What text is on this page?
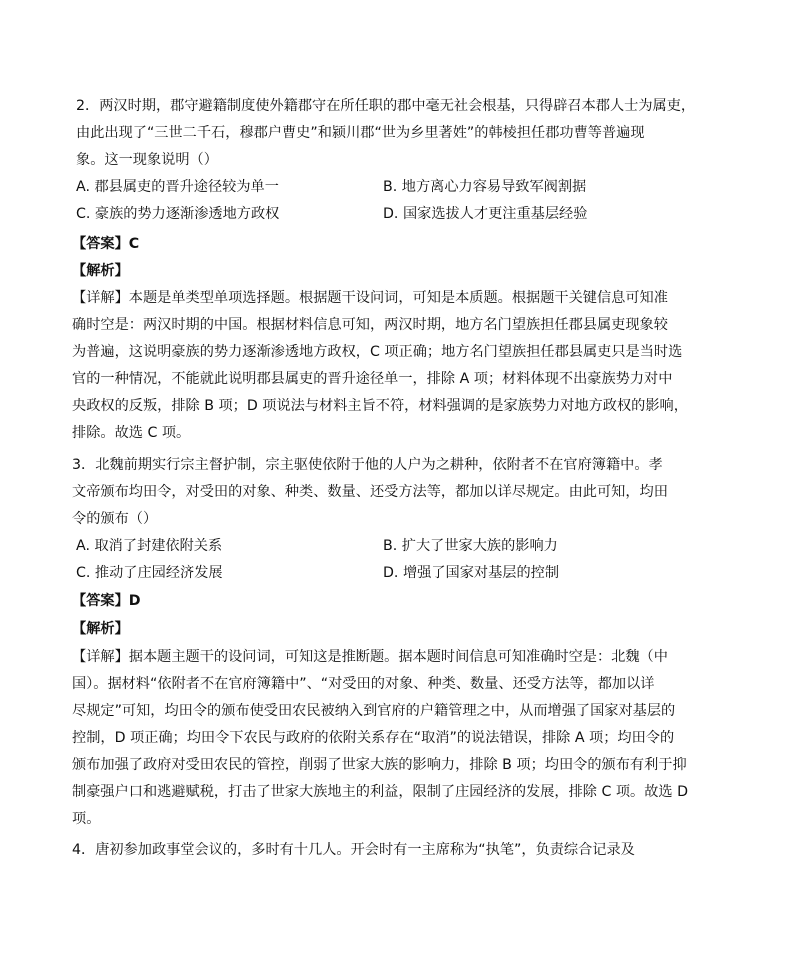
2．两汉时期，郡守避籍制度使外籍郡守在所任职的郡中毫无社会根基，只得辟召本郡人士为属吏，
由此出现了“三世二千石，穆郡户曹史”和颍川郡“世为乡里著姓”的韩棱担任郡功曹等普遍现
象。这一现象说明（）
A. 郡县属吏的晋升途径较为单一	B. 地方离心力容易导致军阀割据
C. 豪族的势力逐渐渗透地方政权	D. 国家选拔人才更注重基层经验
【答案】C
【解析】
【详解】本题是单类型单项选择题。根据题干设问词，可知是本质题。根据题干关键信息可知准
确时空是：两汉时期的中国。根据材料信息可知，两汉时期，地方名门望族担任郡县属吏现象较
为普遍，这说明豪族的势力逐渐渗透地方政权，C 项正确；地方名门望族担任郡县属吏只是当时选
官的一种情况，不能就此说明郡县属吏的晋升途径单一，排除 A 项；材料体现不出豪族势力对中
央政权的反叛，排除 B 项；D 项说法与材料主旨不符，材料强调的是家族势力对地方政权的影响，
排除。故选 C 项。
3．北魏前期实行宗主督护制，宗主驱使依附于他的人户为之耕种，依附者不在官府簿籍中。孝
文帝颁布均田令，对受田的对象、种类、数量、还受方法等，都加以详尽规定。由此可知，均田
令的颁布（）
A. 取消了封建依附关系	B. 扩大了世家大族的影响力
C. 推动了庄园经济发展	D. 增强了国家对基层的控制
【答案】D
【解析】
【详解】据本题主题干的设问词，可知这是推断题。据本题时间信息可知准确时空是：北魏（中
国）。据材料“依附者不在官府簿籍中”、“对受田的对象、种类、数量、还受方法等，都加以详
尽规定”可知，均田令的颁布使受田农民被纳入到官府的户籍管理之中，从而增强了国家对基层的
控制，D 项正确；均田令下农民与政府的依附关系存在“取消”的说法错误，排除 A 项；均田令的
颁布加强了政府对受田农民的管控，削弱了世家大族的影响力，排除 B 项；均田令的颁布有利于抑
制豪强户口和逃避赋税，打击了世家大族地主的利益，限制了庄园经济的发展，排除 C 项。故选 D
项。
4．唐初参加政事堂会议的，多时有十几人。开会时有一主席称为“执笔”，负责综合记录及
